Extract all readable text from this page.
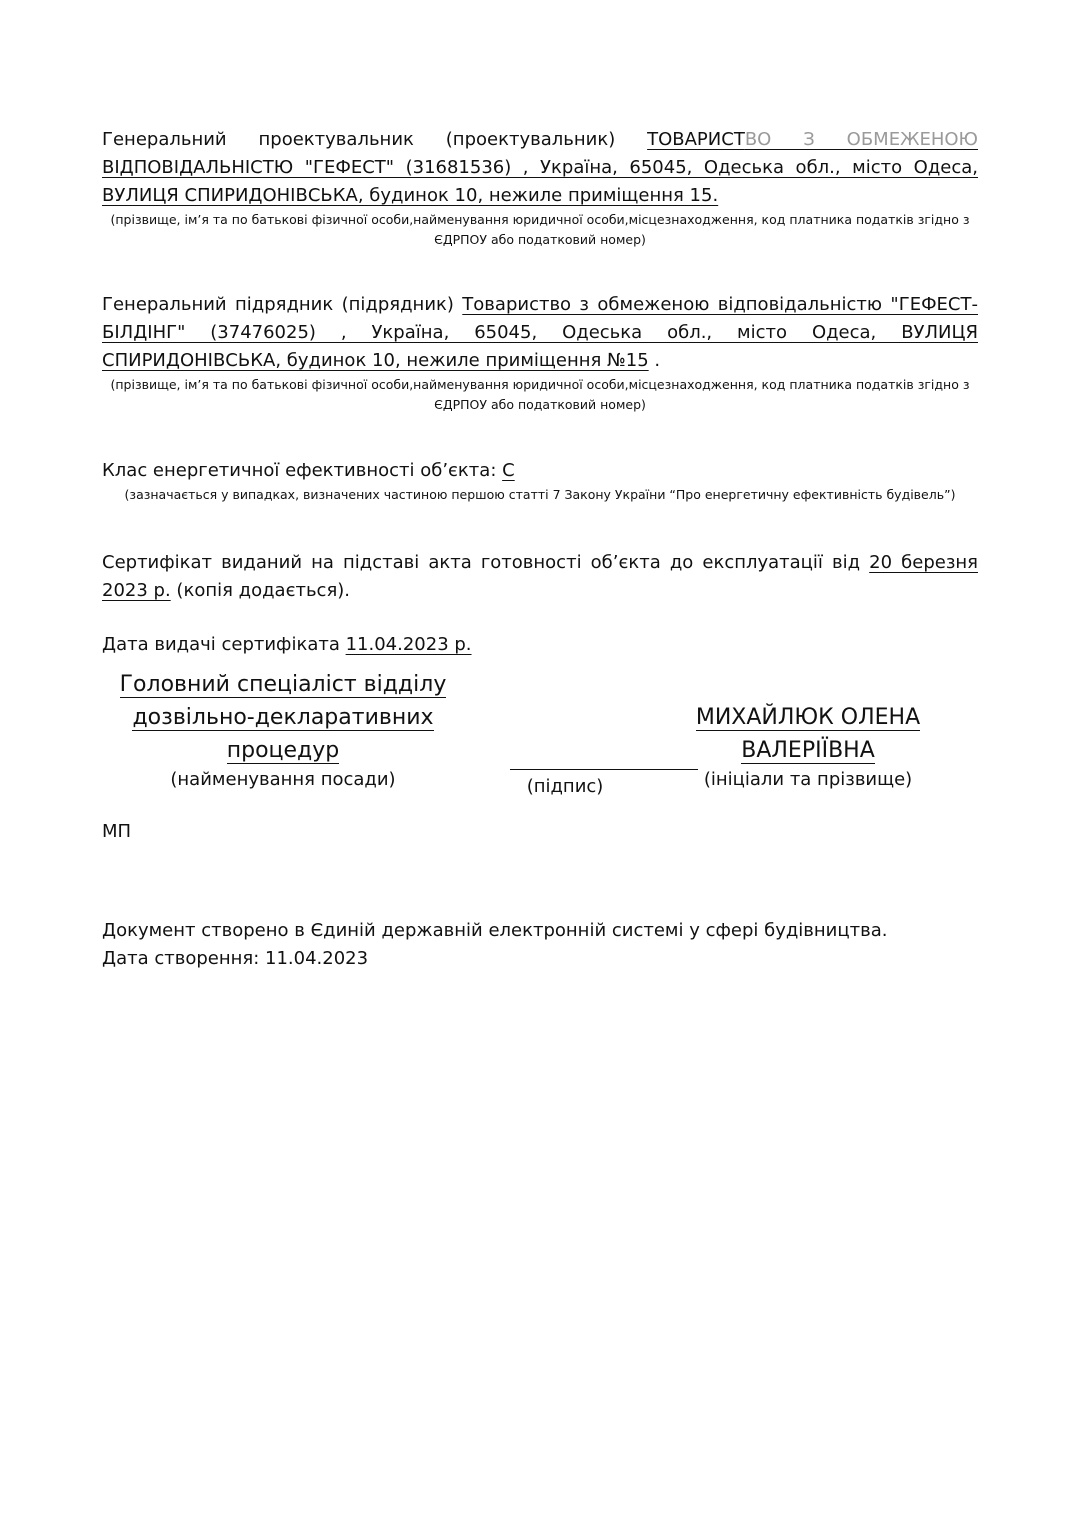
Генеральний проектувальник (проектувальник) ТОВАРИСТВО З ОБМЕЖЕНОЮ ВІДПОВІДАЛЬНІСТЮ "ГЕФЕСТ" (31681536) , Україна, 65045, Одеська обл., місто Одеса, ВУЛИЦЯ СПИРИДОНІВСЬКА, будинок 10, нежиле приміщення 15.
(прізвище, ім’я та по батькові фізичної особи,найменування юридичної особи,місцезнаходження, код платника податків згідно з ЄДРПОУ або податковий номер)
Генеральний підрядник (підрядник) Товариство з обмеженою відповідальністю "ГЕФЕСТ-БІЛДІНГ" (37476025) , Україна, 65045, Одеська обл., місто Одеса, ВУЛИЦЯ СПИРИДОНІВСЬКА, будинок 10, нежиле приміщення №15 .
(прізвище, ім’я та по батькові фізичної особи,найменування юридичної особи,місцезнаходження, код платника податків згідно з ЄДРПОУ або податковий номер)
Клас енергетичної ефективності об’єкта: C
(зазначається у випадках, визначених частиною першою статті 7 Закону України “Про енергетичну ефективність будівель”)
Сертифікат виданий на підставі акта готовності об’єкта до експлуатації від 20 березня 2023 р. (копія додається).
Дата видачі сертифіката 11.04.2023 р.
Головний спеціаліст відділу
дозвільно-декларативних
процедур
(найменування посади)	(підпис)
МИХАЙЛЮК ОЛЕНА
ВАЛЕРІЇВНА
(ініціали та прізвище)
МП
Документ створено в Єдиній державній електронній системі у сфері будівництва.
Дата створення: 11.04.2023
